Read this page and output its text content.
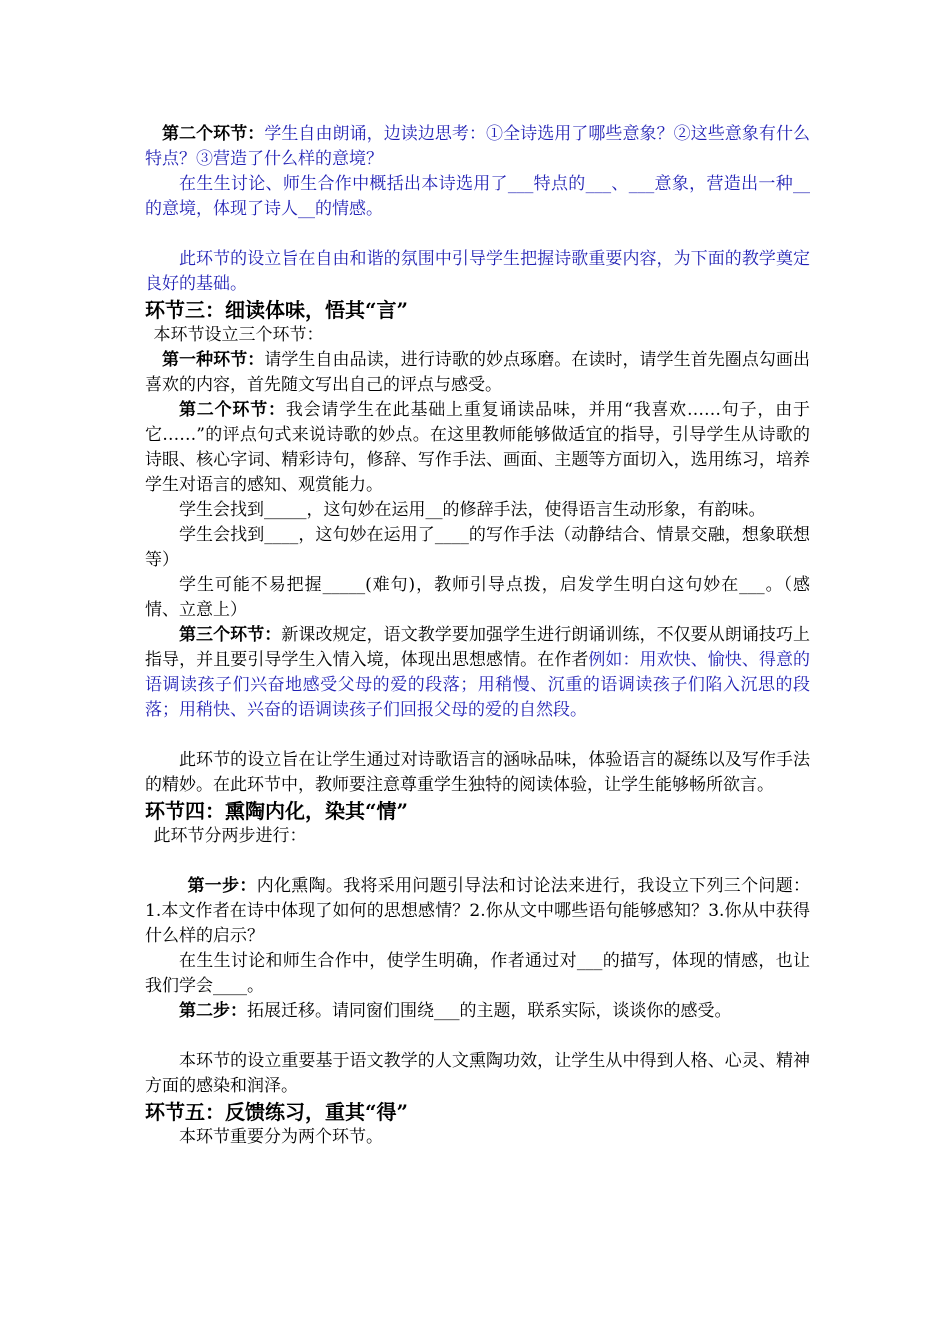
第二个环节：学生自由朗诵，边读边思考：①全诗选用了哪些意象？②这些意象有什么特点？③营造了什么样的意境？

在生生讨论、师生合作中概括出本诗选用了___特点的___、___意象，营造出一种__的意境，体现了诗人__的情感。

此环节的设立旨在自由和谐的氛围中引导学生把握诗歌重要内容，为下面的教学奠定良好的基础。

环节三：细读体味，悟其“言”

本环节设立三个环节：

第一种环节：请学生自由品读，进行诗歌的妙点琢磨。在读时，请学生首先圈点勾画出喜欢的内容，首先随文写出自己的评点与感受。

第二个环节：我会请学生在此基础上重复诵读品味，并用“我喜欢……句子，由于它……”的评点句式来说诗歌的妙点。在这里教师能够做适宜的指导，引导学生从诗歌的诗眼、核心字词、精彩诗句，修辞、写作手法、画面、主题等方面切入，选用练习，培养学生对语言的感知、观赏能力。

学生会找到_____，这句妙在运用__的修辞手法，使得语言生动形象，有韵味。

学生会找到____，这句妙在运用了____的写作手法（动静结合、情景交融，想象联想等）

学生可能不易把握_____(难句)，教师引导点拨，启发学生明白这句妙在___。（感情、立意上）

第三个环节：新课改规定，语文教学要加强学生进行朗诵训练，不仅要从朗诵技巧上指导，并且要引导学生入情入境，体现出思想感情。在作者例如：用欢快、愉快、得意的语调读孩子们兴奋地感受父母的爱的段落；用稍慢、沉重的语调读孩子们陷入沉思的段落；用稍快、兴奋的语调读孩子们回报父母的爱的自然段。

此环节的设立旨在让学生通过对诗歌语言的涵咏品味，体验语言的凝练以及写作手法的精妙。在此环节中，教师要注意尊重学生独特的阅读体验，让学生能够畅所欲言。

环节四：熏陶内化，染其“情”

此环节分两步进行：

第一步：内化熏陶。我将采用问题引导法和讨论法来进行，我设立下列三个问题：1.本文作者在诗中体现了如何的思想感情？2.你从文中哪些语句能够感知？3.你从中获得什么样的启示？

在生生讨论和师生合作中，使学生明确，作者通过对___的描写，体现的情感，也让我们学会____。

第二步：拓展迁移。请同窗们围绕___的主题，联系实际，谈谈你的感受。

本环节的设立重要基于语文教学的人文熏陶功效，让学生从中得到人格、心灵、精神方面的感染和润泽。

环节五：反馈练习，重其“得”

本环节重要分为两个环节。
